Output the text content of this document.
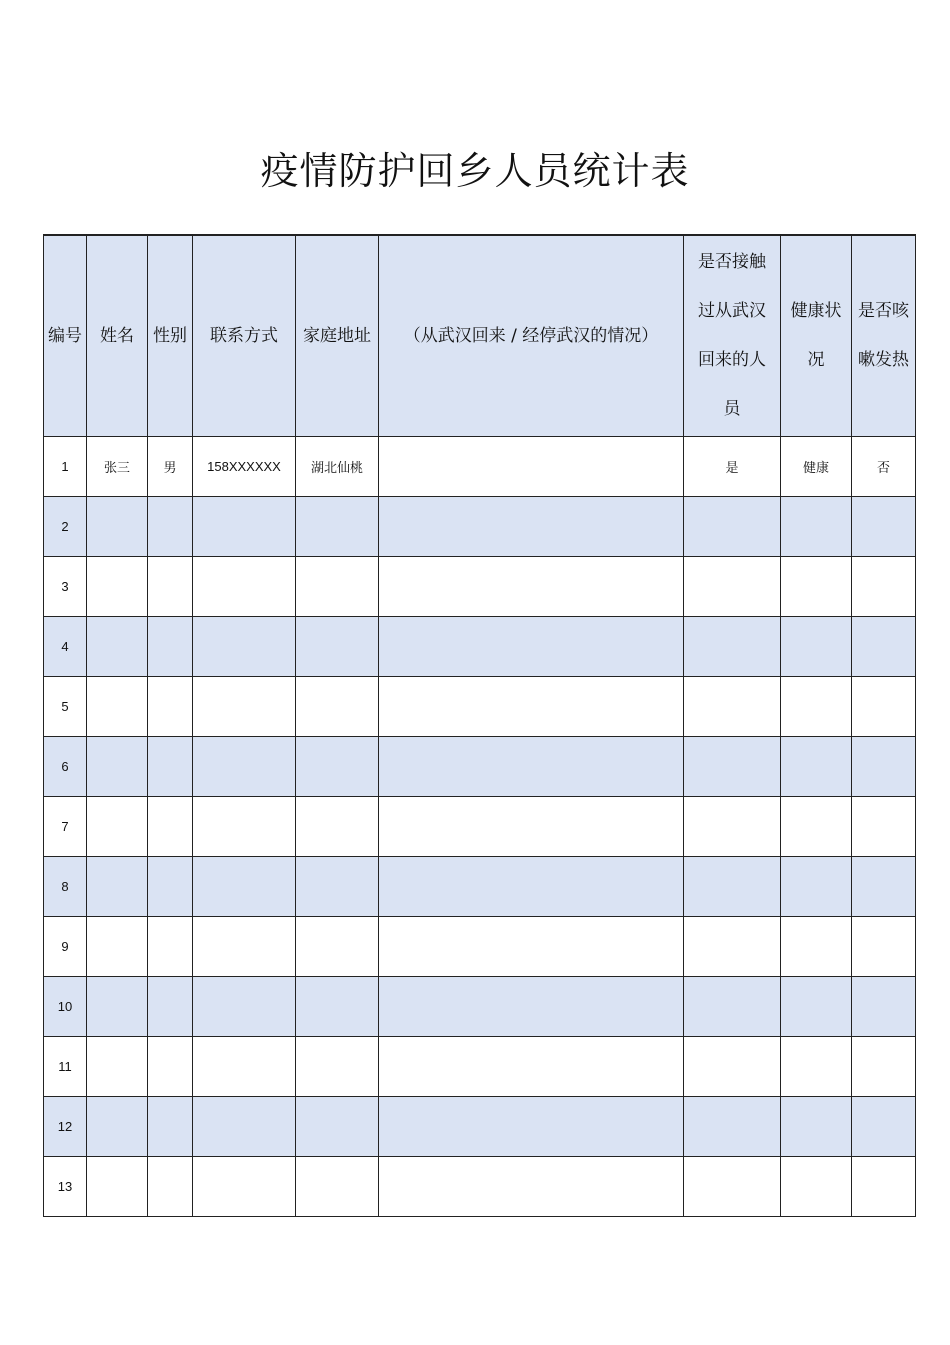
疫情防护回乡人员统计表
编号	姓名	性别	联系方式	家庭地址	（从武汉回来 / 经停武汉的情况）	是否接触过从武汉回来的人员	健康状况	是否咳嗽发热

1	张三	男	158XXXXXX	湖北仙桃		是	健康	否
2								
3								
4								
5								
6								
7								
8								
9								
10								
11								
12								
13								
